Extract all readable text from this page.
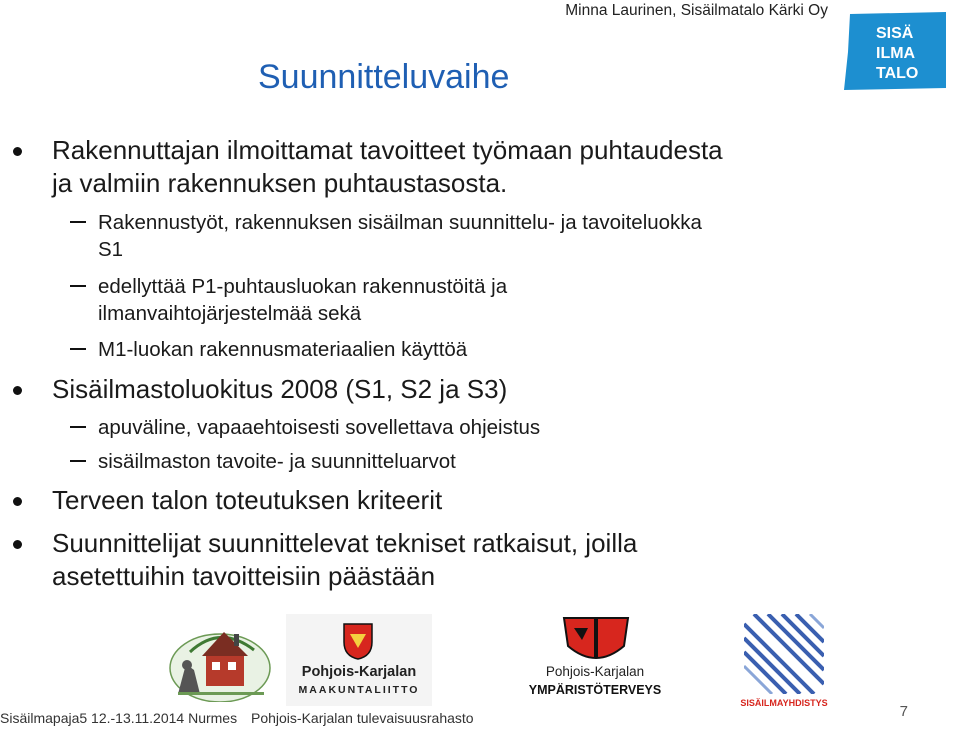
Minna Laurinen, Sisäilmatalo Kärki Oy
SISÄ
ILMA
TALO
Suunnitteluvaihe
Rakennuttajan ilmoittamat tavoitteet työmaan puhtaudesta
ja valmiin rakennuksen puhtaustasosta.
Rakennustyöt, rakennuksen sisäilman suunnittelu- ja tavoiteluokka
S1
edellyttää P1-puhtausluokan rakennustöitä ja
ilmanvaihtojärjestelmää sekä
M1-luokan rakennusmateriaalien käyttöä
Sisäilmastoluokitus 2008 (S1, S2 ja S3)
apuväline, vapaaehtoisesti sovellettava ohjeistus
sisäilmaston tavoite- ja suunnitteluarvot
Terveen talon toteutuksen kriteerit
Suunnittelijat suunnittelevat tekniset ratkaisut, joilla
asetettuihin tavoitteisiin päästään
Pohjois-Karjalan
MAAKUNTALIITTO
Pohjois-Karjalan
YMPÄRISTÖTERVEYS
SISÄILMAYHDISTYS
Sisäilmapaja5 12.-13.11.2014 Nurmes Pohjois-Karjalan tulevaisuusrahasto	7
